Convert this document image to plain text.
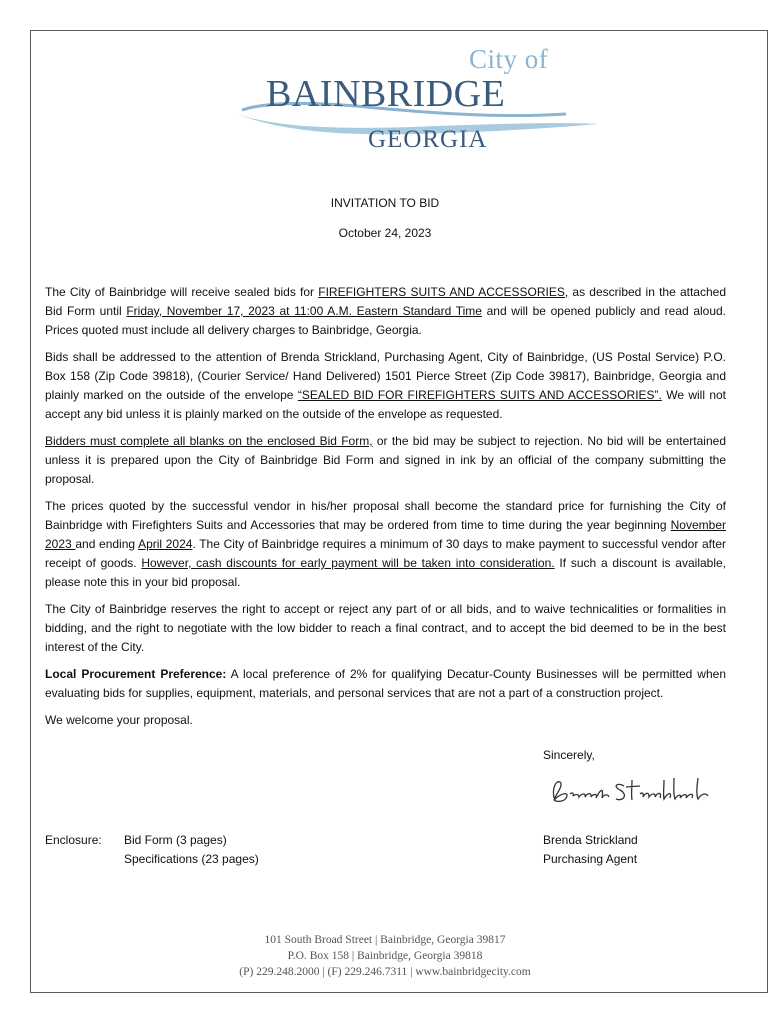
City of
BAINBRIDGE
GEORGIA
INVITATION TO BID
October 24, 2023

The City of Bainbridge will receive sealed bids for FIREFIGHTERS SUITS AND ACCESSORIES, as described in the attached Bid Form until Friday, November 17, 2023 at 11:00 A.M. Eastern Standard Time and will be opened publicly and read aloud. Prices quoted must include all delivery charges to Bainbridge, Georgia.

Bids shall be addressed to the attention of Brenda Strickland, Purchasing Agent, City of Bainbridge, (US Postal Service) P.O. Box 158 (Zip Code 39818), (Courier Service/ Hand Delivered) 1501 Pierce Street (Zip Code 39817), Bainbridge, Georgia and plainly marked on the outside of the envelope “SEALED BID FOR FIREFIGHTERS SUITS AND ACCESSORIES”. We will not accept any bid unless it is plainly marked on the outside of the envelope as requested.

Bidders must complete all blanks on the enclosed Bid Form, or the bid may be subject to rejection. No bid will be entertained unless it is prepared upon the City of Bainbridge Bid Form and signed in ink by an official of the company submitting the proposal.

The prices quoted by the successful vendor in his/her proposal shall become the standard price for furnishing the City of Bainbridge with Firefighters Suits and Accessories that may be ordered from time to time during the year beginning November 2023 and ending April 2024. The City of Bainbridge requires a minimum of 30 days to make payment to successful vendor after receipt of goods. However, cash discounts for early payment will be taken into consideration. If such a discount is available, please note this in your bid proposal.

The City of Bainbridge reserves the right to accept or reject any part of or all bids, and to waive technicalities or formalities in bidding, and the right to negotiate with the low bidder to reach a final contract, and to accept the bid deemed to be in the best interest of the City.

Local Procurement Preference: A local preference of 2% for qualifying Decatur-County Businesses will be permitted when evaluating bids for supplies, equipment, materials, and personal services that are not a part of a construction project.

We welcome your proposal.

Sincerely,
Enclosure: Bid Form (3 pages)
Specifications (23 pages)
Brenda Strickland
Purchasing Agent
101 South Broad Street | Bainbridge, Georgia 39817
P.O. Box 158 | Bainbridge, Georgia 39818
(P) 229.248.2000 | (F) 229.246.7311 | www.bainbridgecity.com
